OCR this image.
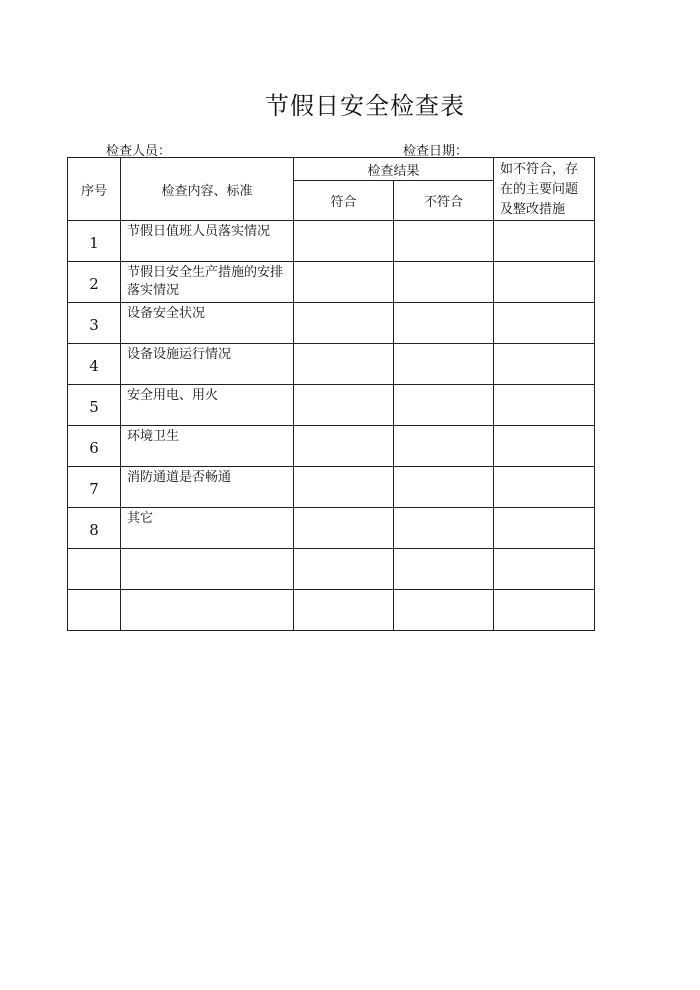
节假日安全检查表
检查人员：	检查日期：
序号	检查内容、标准	检查结果		如不符合，存在的主要问题及整改措施
		符合	不符合	
1	节假日值班人员落实情况			
2	节假日安全生产措施的安排落实情况			
3	设备安全状况			
4	设备设施运行情况			
5	安全用电、用火			
6	环境卫生			
7	消防通道是否畅通			
8	其它			
